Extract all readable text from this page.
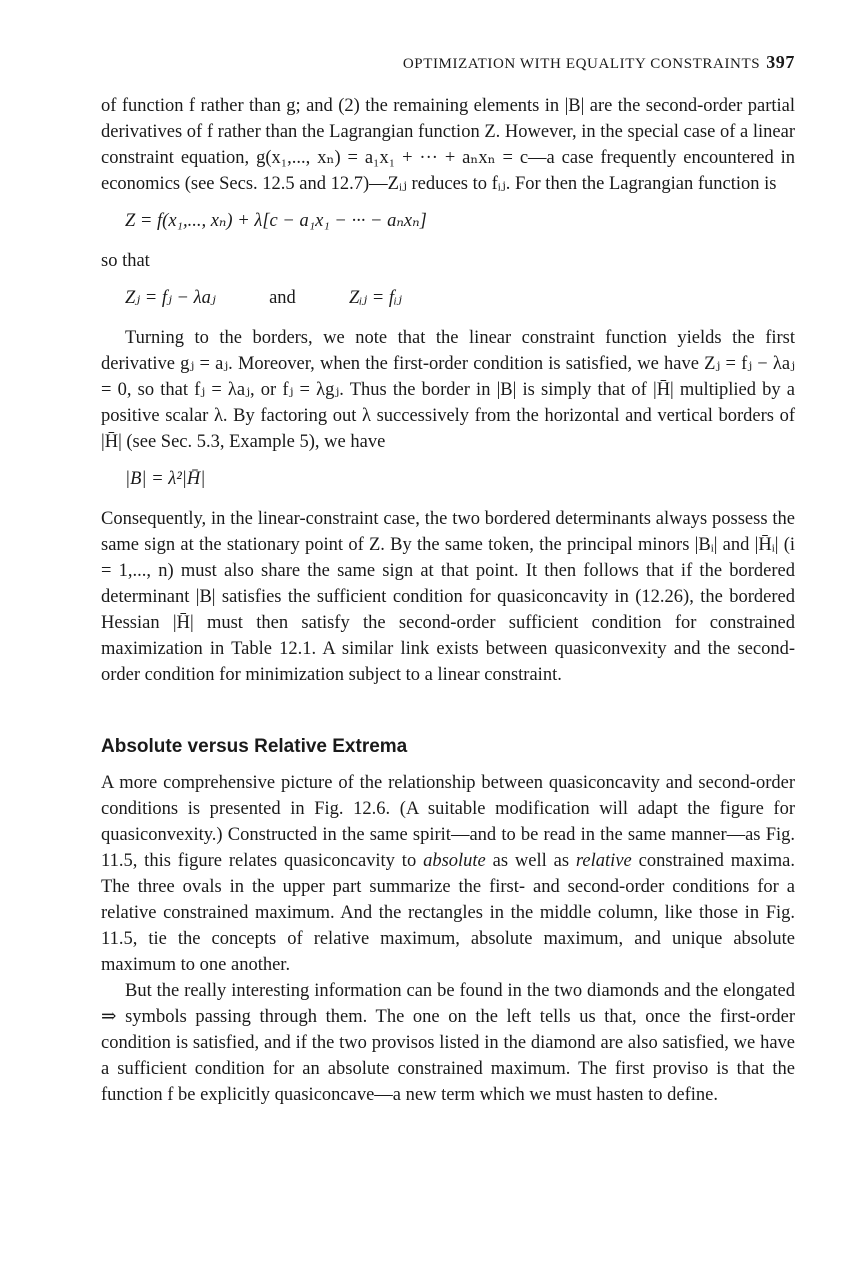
OPTIMIZATION WITH EQUALITY CONSTRAINTS 397

of function f rather than g; and (2) the remaining elements in |B| are the second-order partial derivatives of f rather than the Lagrangian function Z. However, in the special case of a linear constraint equation, g(x₁,..., xₙ) = a₁x₁ + ··· + aₙxₙ = c—a case frequently encountered in economics (see Secs. 12.5 and 12.7)—Zᵢⱼ reduces to fᵢⱼ. For then the Lagrangian function is

Z = f(x₁,..., xₙ) + λ[c − a₁x₁ − ··· − aₙxₙ]

so that

Zⱼ = fⱼ − λaⱼ	and	Zᵢⱼ = fᵢⱼ

Turning to the borders, we note that the linear constraint function yields the first derivative gⱼ = aⱼ. Moreover, when the first-order condition is satisfied, we have Zⱼ = fⱼ − λaⱼ = 0, so that fⱼ = λaⱼ, or fⱼ = λgⱼ. Thus the border in |B| is simply that of |H̄| multiplied by a positive scalar λ. By factoring out λ successively from the horizontal and vertical borders of |H̄| (see Sec. 5.3, Example 5), we have

|B| = λ²|H̄|

Consequently, in the linear-constraint case, the two bordered determinants always possess the same sign at the stationary point of Z. By the same token, the principal minors |Bᵢ| and |H̄ᵢ| (i = 1,..., n) must also share the same sign at that point. It then follows that if the bordered determinant |B| satisfies the sufficient condition for quasiconcavity in (12.26), the bordered Hessian |H̄| must then satisfy the second-order sufficient condition for constrained maximization in Table 12.1. A similar link exists between quasiconvexity and the second-order condition for minimization subject to a linear constraint.

Absolute versus Relative Extrema

A more comprehensive picture of the relationship between quasiconcavity and second-order conditions is presented in Fig. 12.6. (A suitable modification will adapt the figure for quasiconvexity.) Constructed in the same spirit—and to be read in the same manner—as Fig. 11.5, this figure relates quasiconcavity to absolute as well as relative constrained maxima. The three ovals in the upper part summarize the first- and second-order conditions for a relative constrained maximum. And the rectangles in the middle column, like those in Fig. 11.5, tie the concepts of relative maximum, absolute maximum, and unique absolute maximum to one another.

But the really interesting information can be found in the two diamonds and the elongated ⇒ symbols passing through them. The one on the left tells us that, once the first-order condition is satisfied, and if the two provisos listed in the diamond are also satisfied, we have a sufficient condition for an absolute constrained maximum. The first proviso is that the function f be explicitly quasiconcave—a new term which we must hasten to define.
